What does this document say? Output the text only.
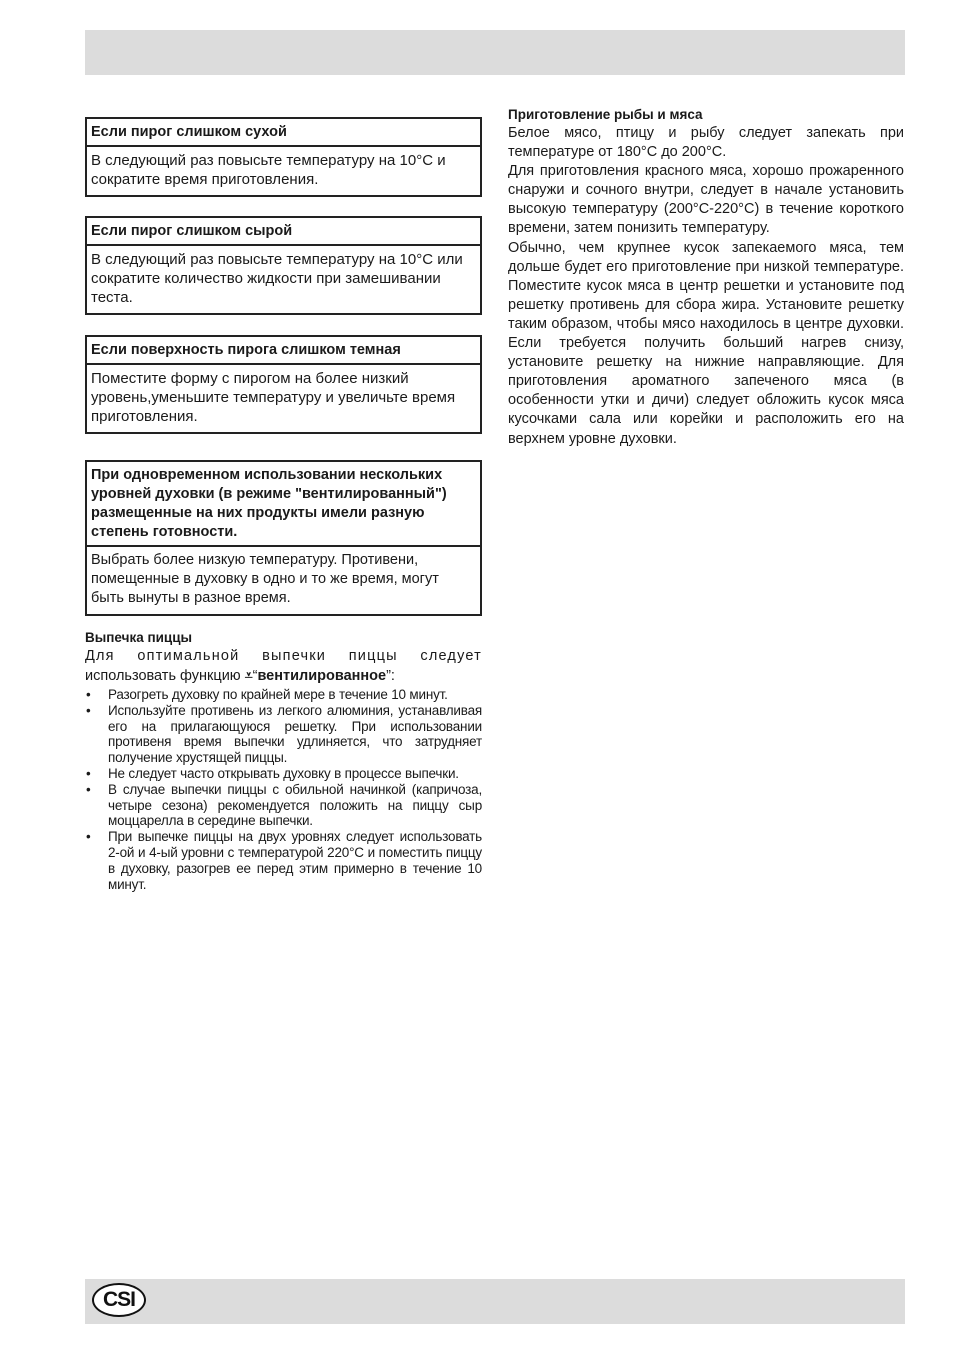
Если пирог слишком сухой
В следующий раз повысьте температуру на 10°С и сократите время приготовления.
Если пирог слишком сырой
В следующий раз повысьте температуру на 10°С или сократите количество жидкости при замешивании теста.
Если поверхность пирога слишком темная
Поместите форму с пирогом на более низкий уровень,уменьшите температуру и увеличьте время приготовления.
При одновременном использовании нескольких уровней духовки (в режиме "вентилированный") размещенные на них продукты имели разную степень готовности.
Выбрать более низкую температуру. Противени, помещенные в духовку в одно и то же время, могут быть вынуты в разное время.

Выпечка пиццы

Для оптимальной выпечки пиццы следует

использовать функцию ⩡“вентилированное”:

• Разогреть духовку по крайней мере в течение 10 минут.
• Используйте противень из легкого алюминия, устанавливая его на прилагающуюся решетку. При использовании противеня время выпечки удлиняется, что затрудняет получение хрустящей пиццы.
• Не следует часто открывать духовку в процессе выпечки.
• В случае выпечки пиццы с обильной начинкой (капричоза, четыре сезона) рекомендуется положить на пиццу сыр моццарелла в середине выпечки.
• При выпечке пиццы на двух уровнях следует использовать 2-ой и 4-ый уровни с температурой 220°С и поместить пиццу в духовку, разогрев ее перед этим примерно в течение 10 минут.

Приготовление рыбы и мяса

Белое мясо, птицу и рыбу следует запекать при температуре от 180°С до 200°С.

Для приготовления красного мяса, хорошо прожаренного снаружи и сочного внутри, следует в начале установить высокую температуру (200°С-220°С) в течение короткого времени, затем понизить температуру.

Обычно, чем крупнее кусок запекаемого мяса, тем дольше будет его приготовление при низкой температуре. Поместите кусок мяса в центр решетки и установите под решетку противень для сбора жира. Установите решетку таким образом, чтобы мясо находилось в центре духовки. Если требуется получить больший нагрев снизу, установите решетку на нижние направляющие. Для приготовления ароматного запеченого мяса (в особенности утки и дичи) следует обложить кусок мяса кусочками сала или корейки и расположить его на верхнем уровне духовки.

CSI
